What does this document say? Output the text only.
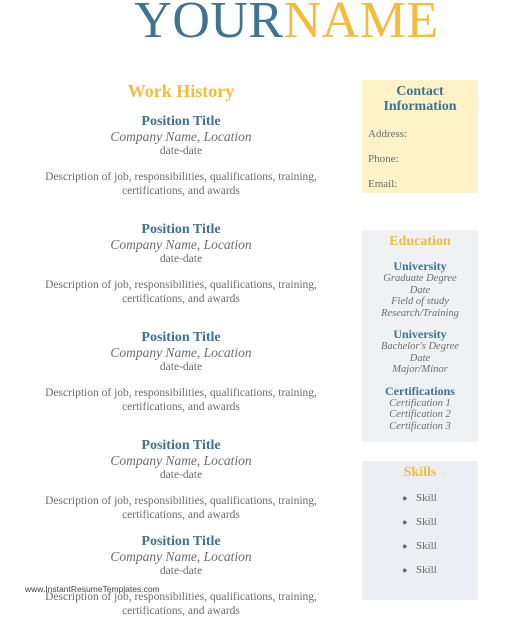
YOURNAME
Work History
Position Title
Company Name, Location
date-date
Description of job, responsibilities, qualifications, training,
certifications, and awards
Position Title
Company Name, Location
date-date
Description of job, responsibilities, qualifications, training,
certifications, and awards
Position Title
Company Name, Location
date-date
Description of job, responsibilities, qualifications, training,
certifications, and awards
Position Title
Company Name, Location
date-date
Description of job, responsibilities, qualifications, training,
certifications, and awards
Position Title
Company Name, Location
date-date
Description of job, responsibilities, qualifications, training,
certifications, and awards
Contact
Information
Address:
Phone:
Email:
Education
University
Graduate Degree
Date
Field of study
Research/Training
University
Bachelor's Degree
Date
Major/Minor
Certifications
Certification 1
Certification 2
Certification 3
Skills
● Skill
● Skill
● Skill
● Skill
www.InstantResumeTemplates.com
